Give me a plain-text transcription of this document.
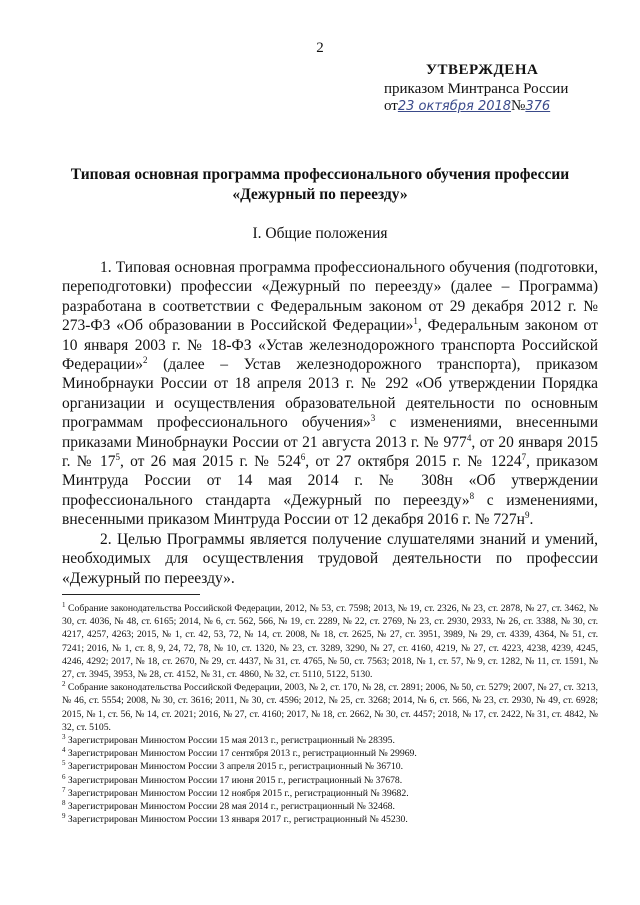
2
УТВЕРЖДЕНА
приказом Минтранса России
от23 октября 2018№376
Типовая основная программа профессионального обучения профессии «Дежурный по переезду»
I. Общие положения

1. Типовая основная программа профессионального обучения (подготовки, переподготовки) профессии «Дежурный по переезду» (далее – Программа) разработана в соответствии с Федеральным законом от 29 декабря 2012 г. № 273-ФЗ «Об образовании в Российской Федерации»$^1$, Федеральным законом от 10 января 2003 г. № 18-ФЗ «Устав железнодорожного транспорта Российской Федерации»$^2$ (далее – Устав железнодорожного транспорта), приказом Минобрнауки России от 18 апреля 2013 г. № 292 «Об утверждении Порядка организации и осуществления образовательной деятельности по основным программам профессионального обучения»$^3$ с изменениями, внесенными приказами Минобрнауки России от 21 августа 2013 г. № $977^4$, от 20 января 2015 г. № $17^5$, от 26 мая 2015 г. № $524^6$, от 27 октября 2015 г. № 1224$^7$, приказом Минтруда России от 14 мая 2014 г. № 308н «Об утверждении профессионального стандарта «Дежурный по переезду»$^8$ с изменениями, внесенными приказом Минтруда России от 12 декабря 2016 г. № $727н^9$.

2. Целью Программы является получение слушателями знаний и умений, необходимых для осуществления трудовой деятельности по профессии «Дежурный по переезду».

$^1$ Собрание законодательства Российской Федерации, 2012, № 53, ст. 7598; 2013, № 19, ст. 2326, № 23, ст. 2878, № 27, ст. 3462, № 30, ст. 4036, № 48, ст. 6165; 2014, № 6, ст. 562, 566, № 19, ст. 2289, № 22, ст. 2769, № 23, ст. 2930, 2933, № 26, ст. 3388, № 30, ст. 4217, 4257, 4263; 2015, № 1, ст. 42, 53, 72, № 14, ст. 2008, № 18, ст. 2625, № 27, ст. 3951, 3989, № 29, ст. 4339, 4364, № 51, ст. 7241; 2016, № 1, ст. 8, 9, 24, 72, 78, № 10, ст. 1320, № 23, ст. 3289, 3290, № 27, ст. 4160, 4219, № 27, ст. 4223, 4238, 4239, 4245, 4246, 4292; 2017, № 18, ст. 2670, № 29, ст. 4437, № 31, ст. 4765, № 50, ст. 7563; 2018, № 1, ст. 57, № 9, ст. 1282, № 11, ст. 1591, № 27, ст. 3945, 3953, № 28, ст. 4152, № 31, ст. 4860, № 32, ст. 5110, 5122, 5130.
$^2$ Собрание законодательства Российской Федерации, 2003, № 2, ст. 170, № 28, ст. 2891; 2006, № 50, ст. 5279; 2007, № 27, ст. 3213, № 46, ст. 5554; 2008, № 30, ст. 3616; 2011, № 30, ст. 4596; 2012, № 25, ст. 3268; 2014, № 6, ст. 566, № 23, ст. 2930, № 49, ст. 6928; 2015, № 1, ст. 56, № 14, ст. 2021; 2016, № 27, ст. 4160; 2017, № 18, ст. 2662, № 30, ст. 4457; 2018, № 17, ст. 2422, № 31, ст. 4842, № 32, ст. 5105.
$^3$ Зарегистрирован Минюстом России 15 мая 2013 г., регистрационный № 28395.
$^4$ Зарегистрирован Минюстом России 17 сентября 2013 г., регистрационный № 29969.
$^5$ Зарегистрирован Минюстом России 3 апреля 2015 г., регистрационный № 36710.
$^6$ Зарегистрирован Минюстом России 17 июня 2015 г., регистрационный № 37678.
$^7$ Зарегистрирован Минюстом России 12 ноября 2015 г., регистрационный № 39682.
$^8$ Зарегистрирован Минюстом России 28 мая 2014 г., регистрационный № 32468.
$^9$ Зарегистрирован Минюстом России 13 января 2017 г., регистрационный № 45230.
